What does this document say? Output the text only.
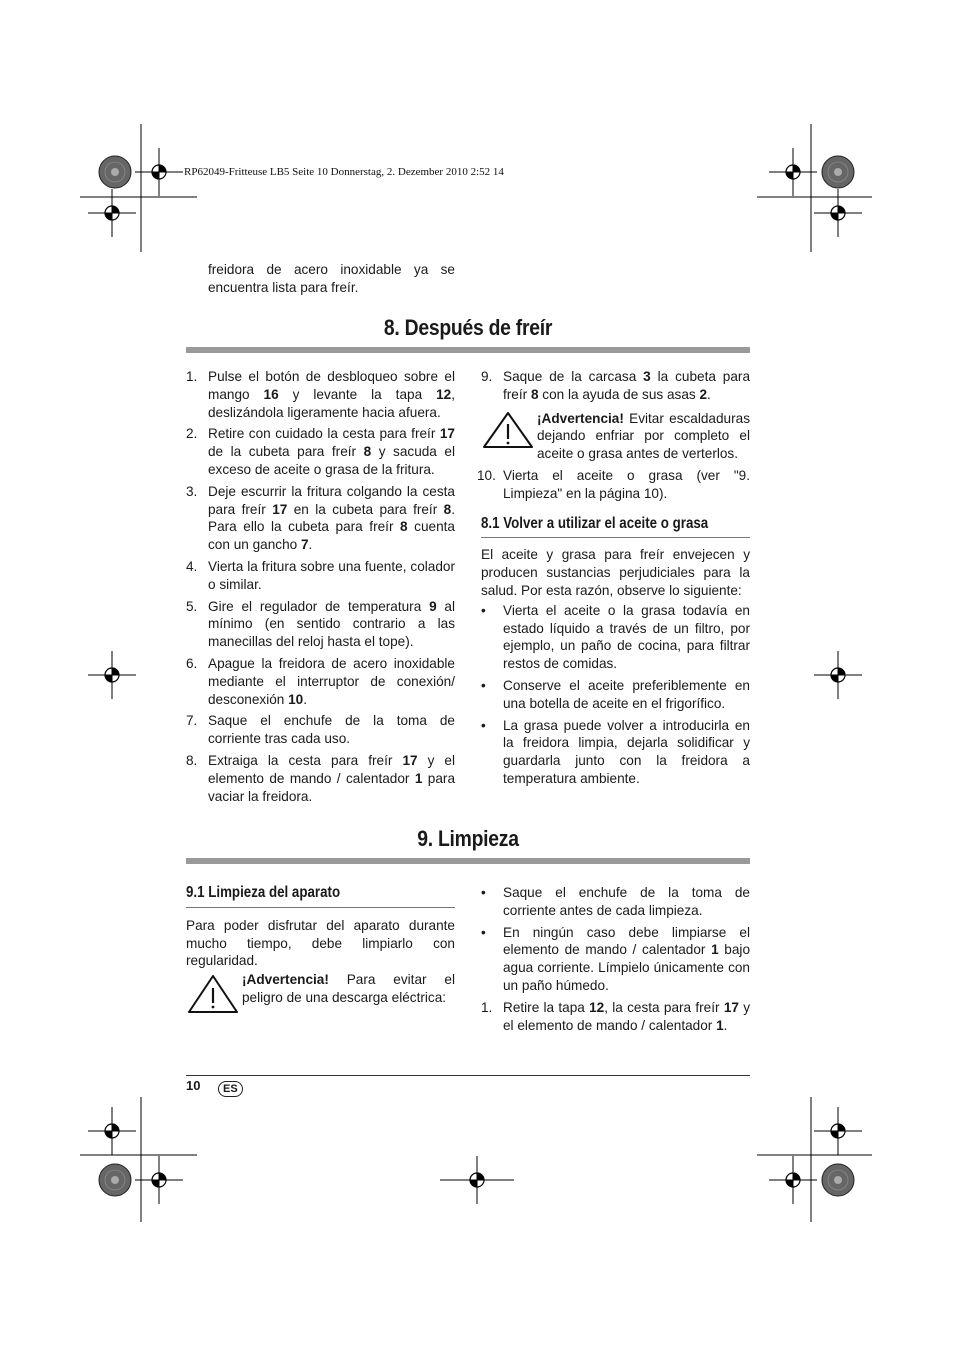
RP62049-Fritteuse LB5 Seite 10 Donnerstag, 2. Dezember 2010 2:52 14
freidora de acero inoxidable ya se encuentra lista para freír.
8. Después de freír
1. Pulse el botón de desbloqueo sobre el mango 16 y levante la tapa 12, deslizándola ligeramente hacia afuera.
2. Retire con cuidado la cesta para freír 17 de la cubeta para freír 8 y sacuda el exceso de aceite o grasa de la fritura.
3. Deje escurrir la fritura colgando la cesta para freír 17 en la cubeta para freír 8. Para ello la cubeta para freír 8 cuenta con un gancho 7.
4. Vierta la fritura sobre una fuente, colador o similar.
5. Gire el regulador de temperatura 9 al mínimo (en sentido contrario a las manecillas del reloj hasta el tope).
6. Apague la freidora de acero inoxidable mediante el interruptor de conexión/ desconexión 10.
7. Saque el enchufe de la toma de corriente tras cada uso.
8. Extraiga la cesta para freír 17 y el elemento de mando / calentador 1 para vaciar la freidora.
9. Saque de la carcasa 3 la cubeta para freír 8 con la ayuda de sus asas 2.
¡Advertencia! Evitar escaldaduras dejando enfriar por completo el aceite o grasa antes de verterlos.
10. Vierta el aceite o grasa (ver "9. Limpieza" en la página 10).
8.1 Volver a utilizar el aceite o grasa
El aceite y grasa para freír envejecen y producen sustancias perjudiciales para la salud. Por esta razón, observe lo siguiente:
• Vierta el aceite o la grasa todavía en estado líquido a través de un filtro, por ejemplo, un paño de cocina, para filtrar restos de comidas.
• Conserve el aceite preferiblemente en una botella de aceite en el frigorífico.
• La grasa puede volver a introducirla en la freidora limpia, dejarla solidificar y guardarla junto con la freidora a temperatura ambiente.
9. Limpieza
9.1 Limpieza del aparato
Para poder disfrutar del aparato durante mucho tiempo, debe limpiarlo con regularidad.
¡Advertencia! Para evitar el peligro de una descarga eléctrica:
• Saque el enchufe de la toma de corriente antes de cada limpieza.
• En ningún caso debe limpiarse el elemento de mando / calentador 1 bajo agua corriente. Límpielo únicamente con un paño húmedo.
1. Retire la tapa 12, la cesta para freír 17 y el elemento de mando / calentador 1.
10	ES
